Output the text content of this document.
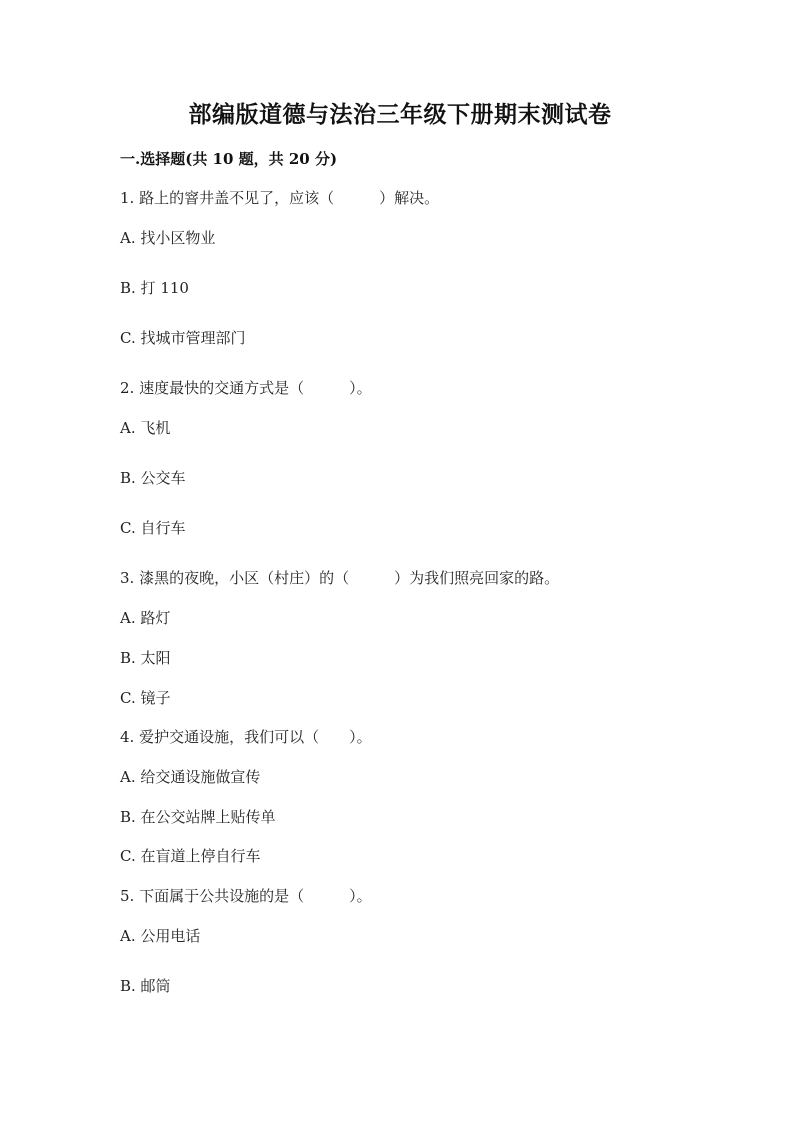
部编版道德与法治三年级下册期末测试卷
一.选择题(共 10 题，共 20 分)
1. 路上的窨井盖不见了，应该（　　　）解决。
A. 找小区物业
B. 打 110
C. 找城市管理部门
2. 速度最快的交通方式是（　　　）。
A. 飞机
B. 公交车
C. 自行车
3. 漆黑的夜晚，小区（村庄）的（　　　）为我们照亮回家的路。
A. 路灯
B. 太阳
C. 镜子
4. 爱护交通设施，我们可以（　　）。
A. 给交通设施做宣传
B. 在公交站牌上贴传单
C. 在盲道上停自行车
5. 下面属于公共设施的是（　　　）。
A. 公用电话
B. 邮筒
